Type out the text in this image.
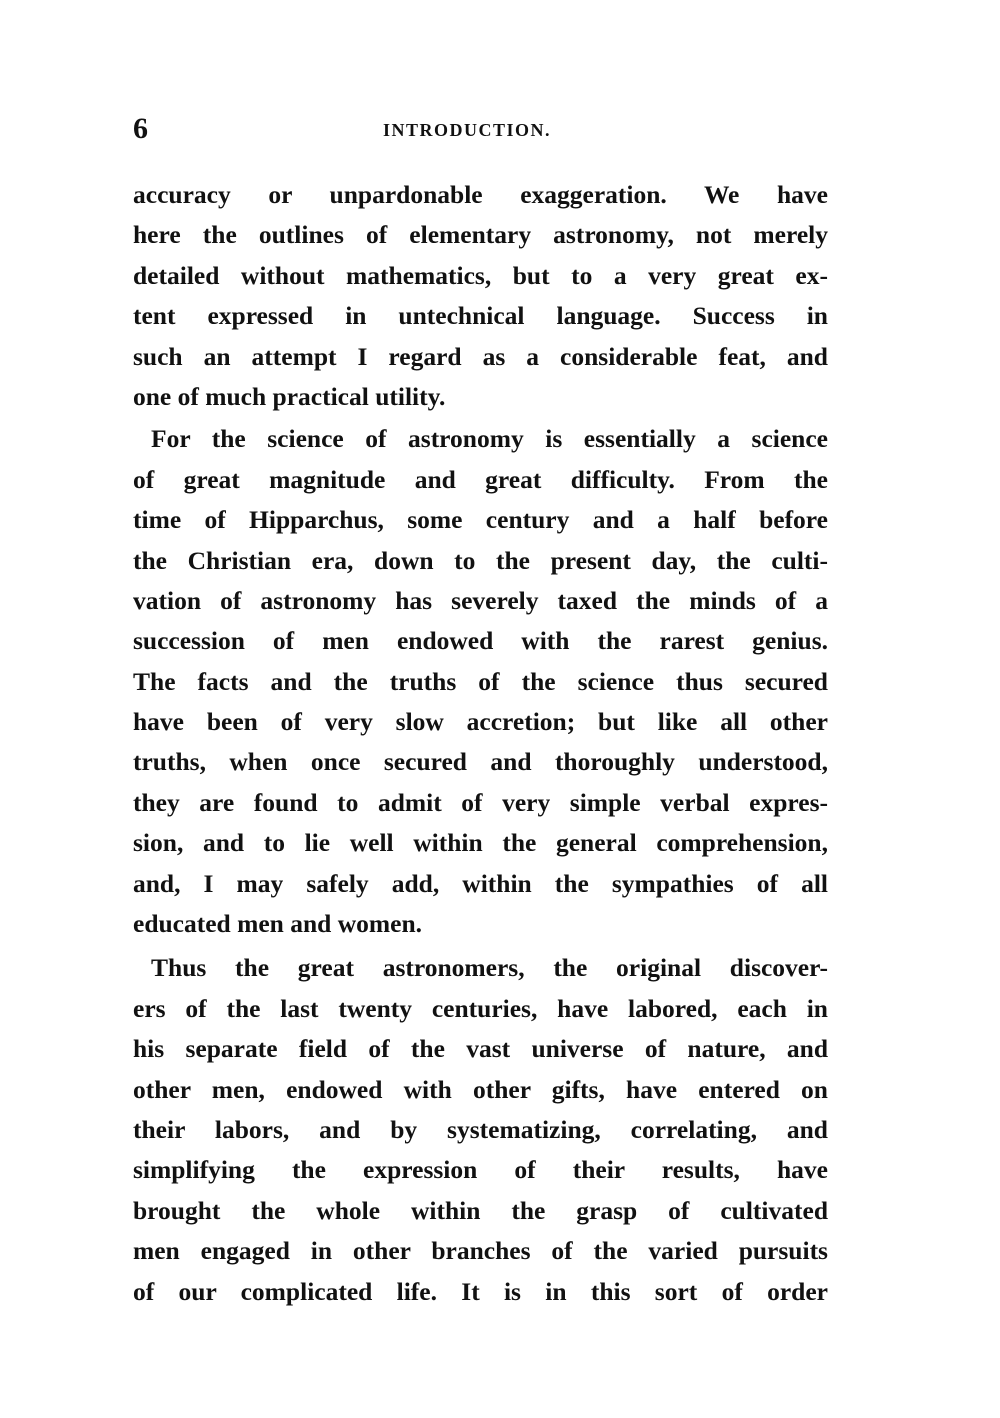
6	INTRODUCTION.
accuracy or unpardonable exaggeration. We have
here the outlines of elementary astronomy, not merely
detailed without mathematics, but to a very great ex-
tent expressed in untechnical language. Success in
such an attempt I regard as a considerable feat, and
one of much practical utility.
For the science of astronomy is essentially a science
of great magnitude and great difficulty. From the
time of Hipparchus, some century and a half before
the Christian era, down to the present day, the culti-
vation of astronomy has severely taxed the minds of a
succession of men endowed with the rarest genius.
The facts and the truths of the science thus secured
have been of very slow accretion; but like all other
truths, when once secured and thoroughly understood,
they are found to admit of very simple verbal expres-
sion, and to lie well within the general comprehension,
and, I may safely add, within the sympathies of all
educated men and women.
Thus the great astronomers, the original discover-
ers of the last twenty centuries, have labored, each in
his separate field of the vast universe of nature, and
other men, endowed with other gifts, have entered on
their labors, and by systematizing, correlating, and
simplifying the expression of their results, have
brought the whole within the grasp of cultivated
men engaged in other branches of the varied pursuits
of our complicated life. It is in this sort of order
